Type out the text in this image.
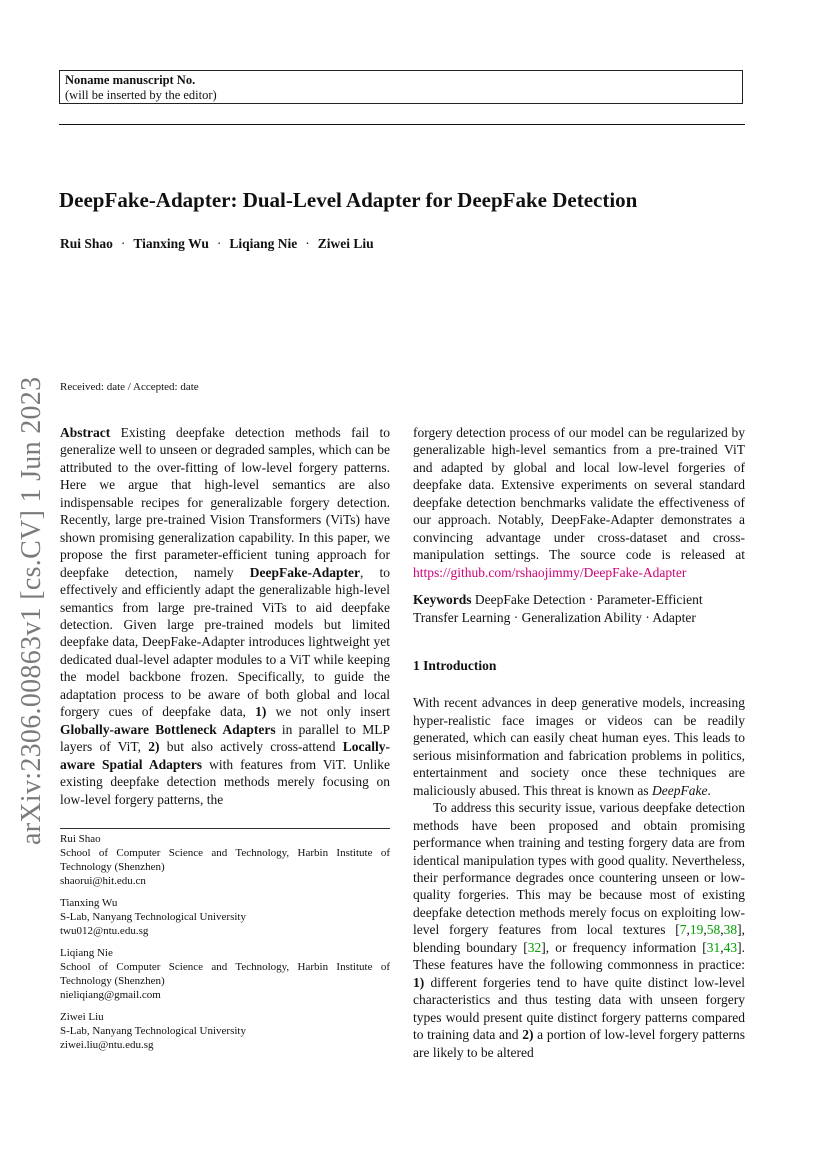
Noname manuscript No.
(will be inserted by the editor)
arXiv:2306.00863v1 [cs.CV] 1 Jun 2023
DeepFake-Adapter: Dual-Level Adapter for DeepFake Detection
Rui Shao · Tianxing Wu · Liqiang Nie · Ziwei Liu
Received: date / Accepted: date

Abstract Existing deepfake detection methods fail to generalize well to unseen or degraded samples, which can be attributed to the over-fitting of low-level forgery patterns. Here we argue that high-level semantics are also indispensable recipes for generalizable forgery detection. Recently, large pre-trained Vision Transformers (ViTs) have shown promising generalization capability. In this paper, we propose the first parameter-efficient tuning approach for deepfake detection, namely DeepFake-Adapter, to effectively and efficiently adapt the generalizable high-level semantics from large pre-trained ViTs to aid deepfake detection. Given large pre-trained models but limited deepfake data, DeepFake-Adapter introduces lightweight yet dedicated dual-level adapter modules to a ViT while keeping the model backbone frozen. Specifically, to guide the adaptation process to be aware of both global and local forgery cues of deepfake data, 1) we not only insert Globally-aware Bottleneck Adapters in parallel to MLP layers of ViT, 2) but also actively cross-attend Locally-aware Spatial Adapters with features from ViT. Unlike existing deepfake detection methods merely focusing on low-level forgery patterns, the

Rui Shao
School of Computer Science and Technology, Harbin Institute of Technology (Shenzhen)
shaorui@hit.edu.cn
Tianxing Wu
S-Lab, Nanyang Technological University
twu012@ntu.edu.sg
Liqiang Nie
School of Computer Science and Technology, Harbin Institute of Technology (Shenzhen)
nieliqiang@gmail.com
Ziwei Liu
S-Lab, Nanyang Technological University
ziwei.liu@ntu.edu.sg

forgery detection process of our model can be regularized by generalizable high-level semantics from a pre-trained ViT and adapted by global and local low-level forgeries of deepfake data. Extensive experiments on several standard deepfake detection benchmarks validate the effectiveness of our approach. Notably, DeepFake-Adapter demonstrates a convincing advantage under cross-dataset and cross-manipulation settings. The source code is released at https://github.com/rshaojimmy/DeepFake-Adapter

Keywords DeepFake Detection · Parameter-Efficient Transfer Learning · Generalization Ability · Adapter

1 Introduction

With recent advances in deep generative models, increasing hyper-realistic face images or videos can be readily generated, which can easily cheat human eyes. This leads to serious misinformation and fabrication problems in politics, entertainment and society once these techniques are maliciously abused. This threat is known as DeepFake.

To address this security issue, various deepfake detection methods have been proposed and obtain promising performance when training and testing forgery data are from identical manipulation types with good quality. Nevertheless, their performance degrades once countering unseen or low-quality forgeries. This may be because most of existing deepfake detection methods merely focus on exploiting low-level forgery features from local textures [7,19,58,38], blending boundary [32], or frequency information [31,43]. These features have the following commonness in practice: 1) different forgeries tend to have quite distinct low-level characteristics and thus testing data with unseen forgery types would present quite distinct forgery patterns compared to training data and 2) a portion of low-level forgery patterns are likely to be altered
